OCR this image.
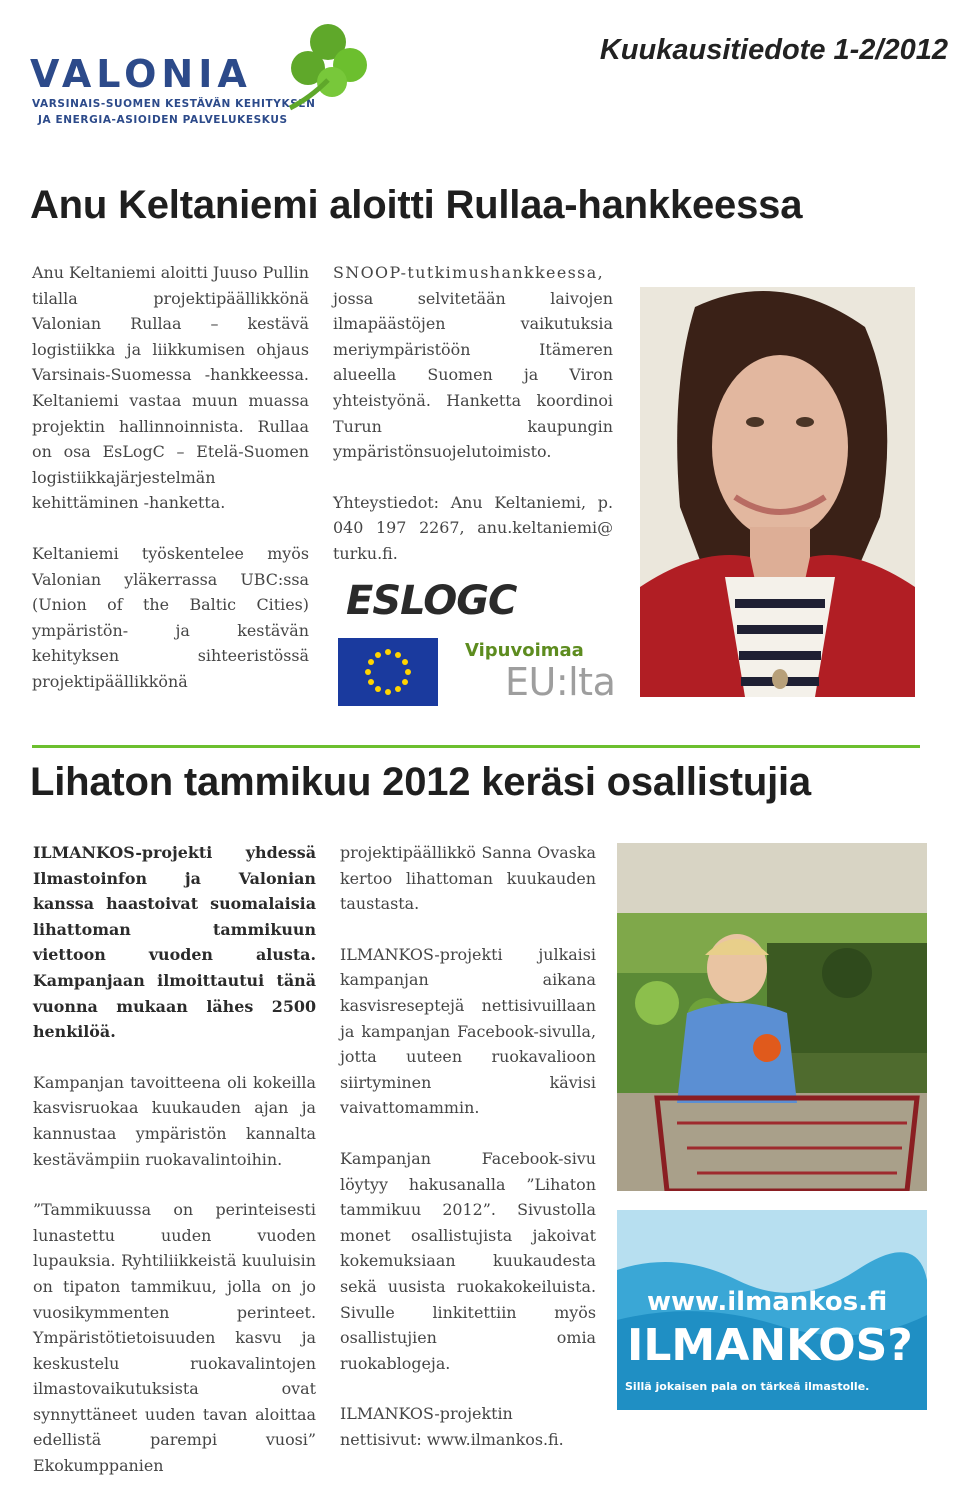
VALONIA
VARSINAIS-SUOMEN KESTÄVÄN KEHITYKSEN
JA ENERGIA-ASIOIDEN PALVELUKESKUS
Kuukausitiedote 1-2/2012
Anu Keltaniemi aloitti Rullaa-hankkeessa

Anu Keltaniemi aloitti Juuso Pullin tilalla projektipäällikkönä Valonian Rullaa – kestävä logistiikka ja liikkumisen ohjaus Varsinais-Suomessa -hankkeessa. Keltaniemi vastaa muun muassa projektin hallinnoinnista. Rullaa on osa EsLogC – Etelä-Suomen logistiikkajärjestelmän kehittäminen -hanketta.

Keltaniemi työskentelee myös Valonian yläkerrassa UBC:ssa (Union of the Baltic Cities) ympäristön- ja kestävän kehityksen sihteeristössä projektipäällikkönä

SNOOP-tutkimushankkeessa, jossa selvitetään laivojen ilmapäästöjen vaikutuksia meriympäristöön Itämeren alueella Suomen ja Viron yhteistyönä. Hanketta koordinoi Turun kaupungin ympäristönsuojelutoimisto.

Yhteystiedot: Anu Keltaniemi, p. 040 197 2267, anu.keltaniemi@ turku.fi.

ESLOGC
Vipuvoimaa
EU:lta
Lihaton tammikuu 2012 keräsi osallistujia

ILMANKOS-projekti yhdessä Ilmastoinfon ja Valonian kanssa haastoivat suomalaisia lihattoman tammikuun viettoon vuoden alusta. Kampanjaan ilmoittautui tänä vuonna mukaan lähes 2500 henkilöä.

Kampanjan tavoitteena oli kokeilla kasvisruokaa kuukauden ajan ja kannustaa ympäristön kannalta kestävämpiin ruokavalintoihin.

”Tammikuussa on perinteisesti lunastettu uuden vuoden lupauksia. Ryhtiliikkeistä kuuluisin on tipaton tammikuu, jolla on jo vuosikymmenten perinteet. Ympäristötietoisuuden kasvu ja keskustelu ruokavalintojen ilmastovaikutuksista ovat synnyttäneet uuden tavan aloittaa edellistä parempi vuosi” Ekokumppanien

projektipäällikkö Sanna Ovaska kertoo lihattoman kuukauden taustasta.

ILMANKOS-projekti julkaisi kampanjan aikana kasvisreseptejä nettisivuillaan ja kampanjan Facebook-sivulla, jotta uuteen ruokavalioon siirtyminen kävisi vaivattomammin.

Kampanjan Facebook-sivu löytyy hakusanalla ”Lihaton tammikuu 2012”. Sivustolla monet osallistujista jakoivat kokemuksiaan kuukaudesta sekä uusista ruokakokeiluista. Sivulle linkitettiin myös osallistujien omia ruokablogeja.

ILMANKOS-projektin nettisivut: www.ilmankos.fi.

www.ilmankos.fi
ILMANKOS?
Sillä jokaisen pala on tärkeä ilmastolle.
